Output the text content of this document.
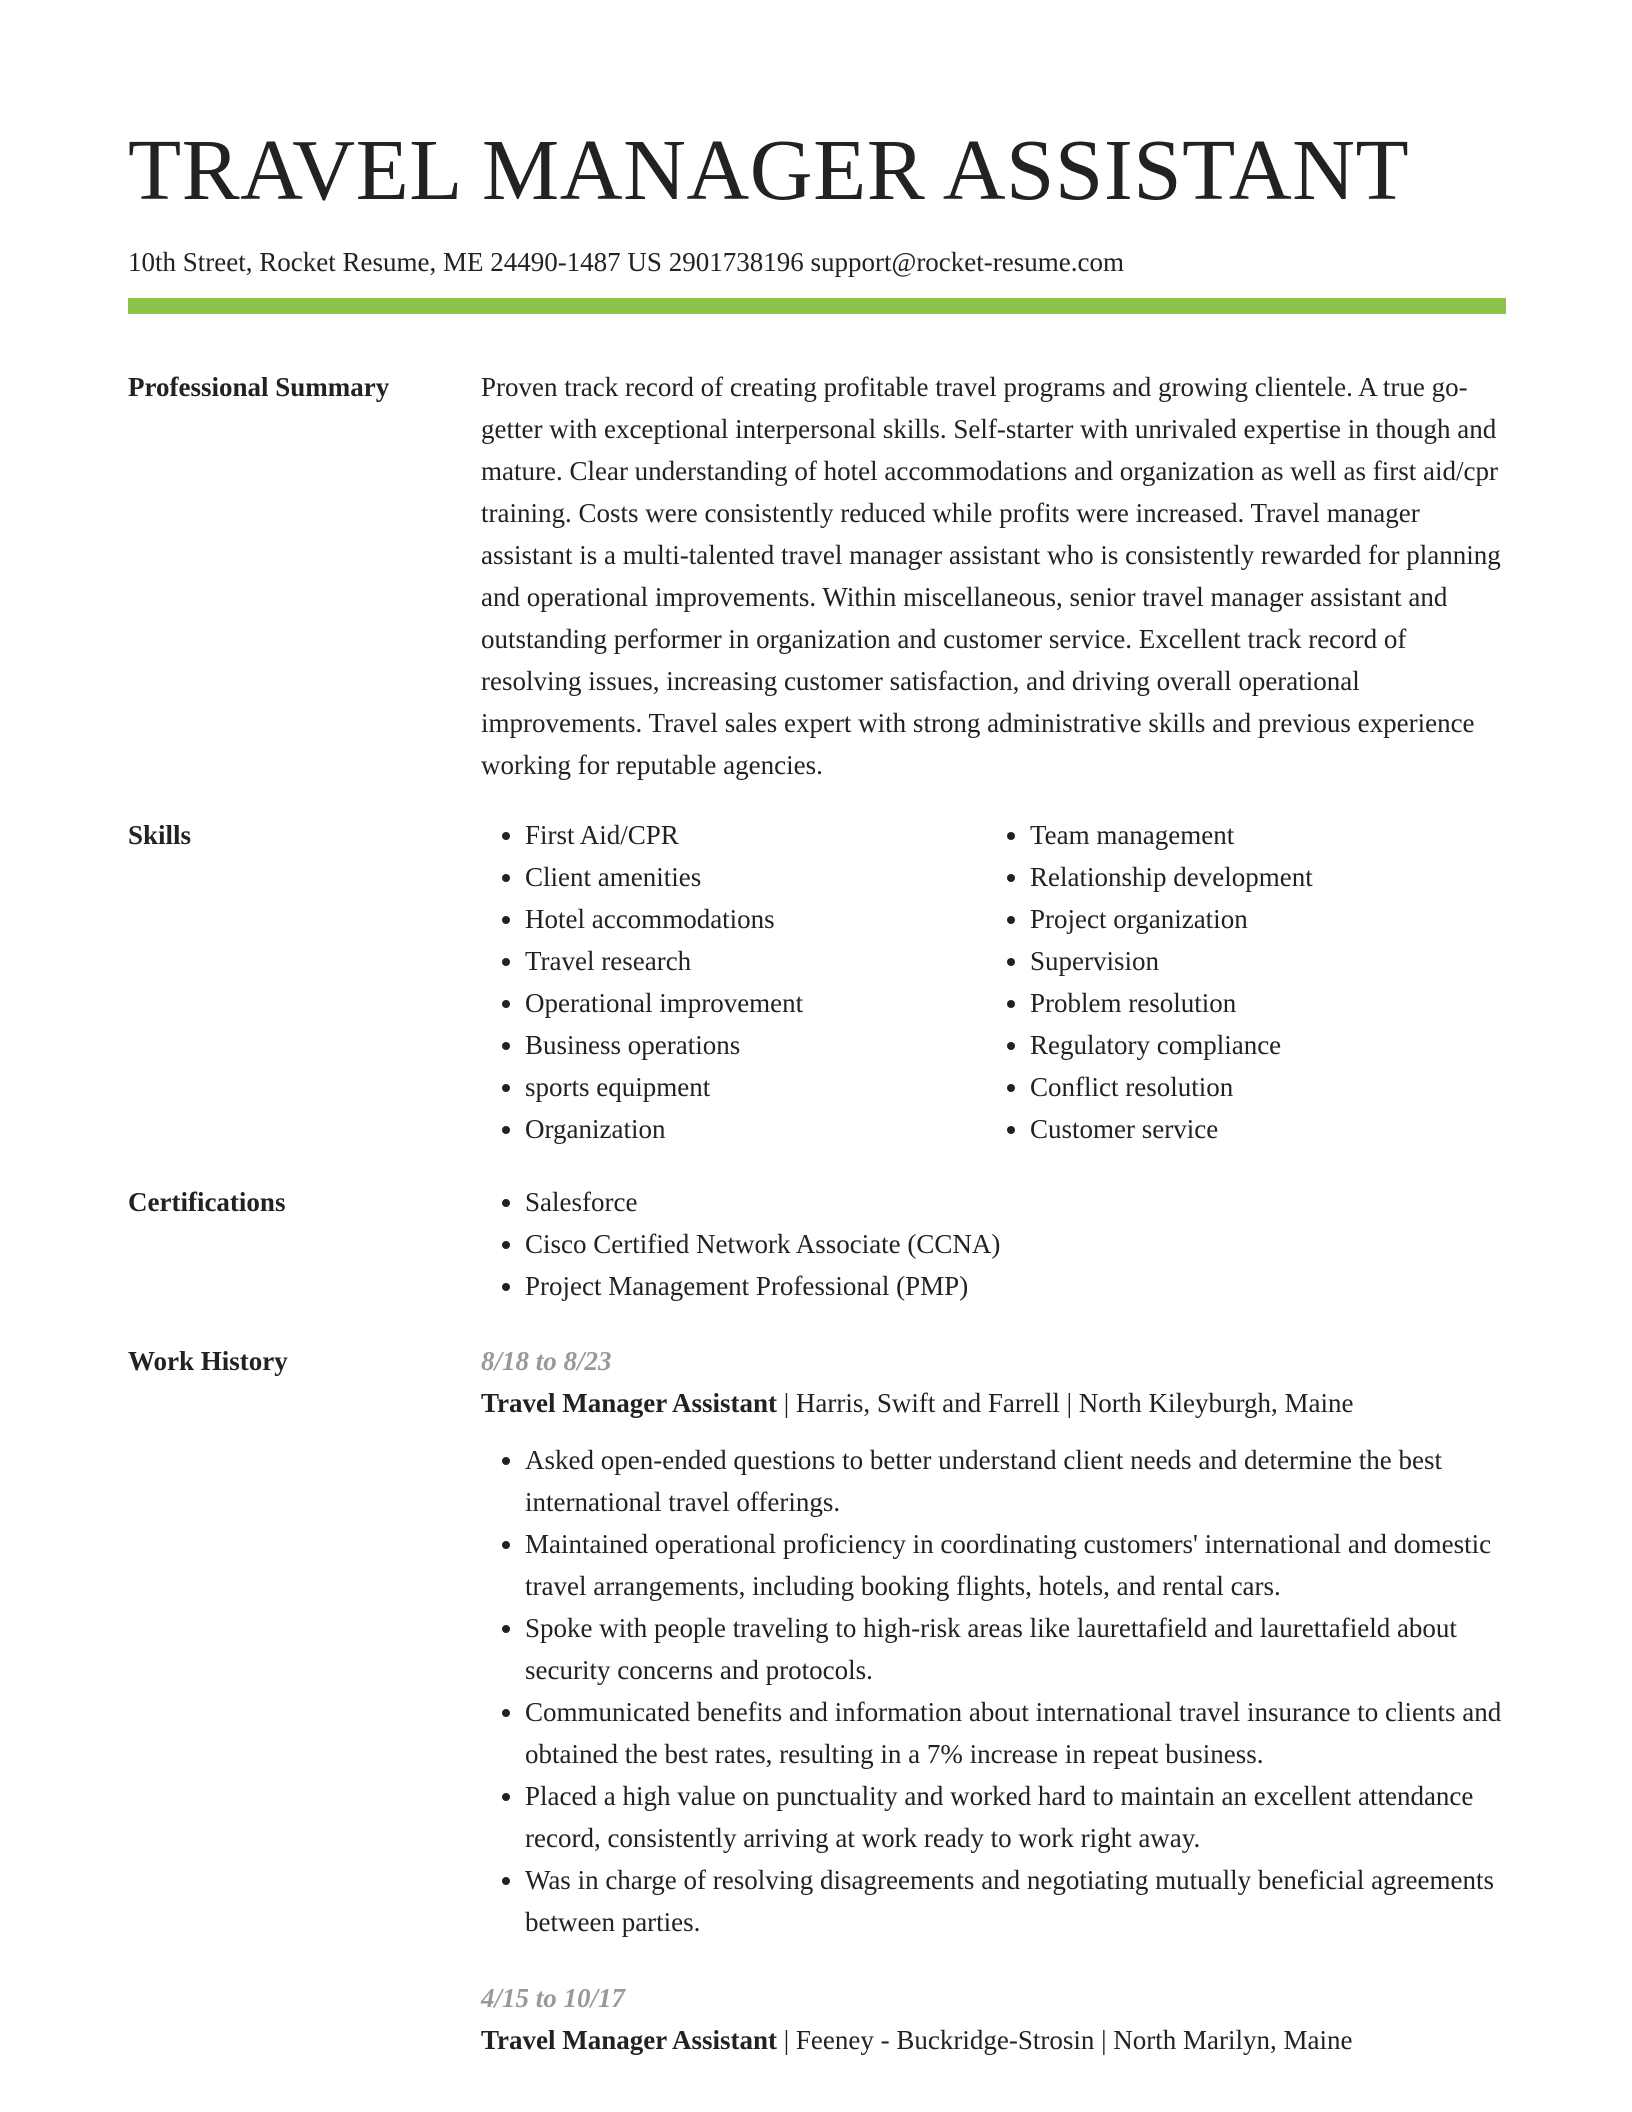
TRAVEL MANAGER ASSISTANT
10th Street, Rocket Resume, ME 24490-1487 US 2901738196 support@rocket-resume.com
Professional Summary	Proven track record of creating profitable travel programs and growing clientele. A true go-getter with exceptional interpersonal skills. Self-starter with unrivaled expertise in though and mature. Clear understanding of hotel accommodations and organization as well as first aid/cpr training. Costs were consistently reduced while profits were increased. Travel manager assistant is a multi-talented travel manager assistant who is consistently rewarded for planning and operational improvements. Within miscellaneous, senior travel manager assistant and outstanding performer in organization and customer service. Excellent track record of resolving issues, increasing customer satisfaction, and driving overall operational improvements. Travel sales expert with strong administrative skills and previous experience working for reputable agencies.

Skills	• First Aid/CPR
• Client amenities
• Hotel accommodations
• Travel research
• Operational improvement
• Business operations
• sports equipment
• Organization
• Team management
• Relationship development
• Project organization
• Supervision
• Problem resolution
• Regulatory compliance
• Conflict resolution
• Customer service
Certifications	• Salesforce
• Cisco Certified Network Associate (CCNA)
• Project Management Professional (PMP)
Work History	8/18 to 8/23
Travel Manager Assistant | Harris, Swift and Farrell | North Kileyburgh, Maine
• Asked open-ended questions to better understand client needs and determine the best international travel offerings.
• Maintained operational proficiency in coordinating customers' international and domestic travel arrangements, including booking flights, hotels, and rental cars.
• Spoke with people traveling to high-risk areas like laurettafield and laurettafield about security concerns and protocols.
• Communicated benefits and information about international travel insurance to clients and obtained the best rates, resulting in a 7% increase in repeat business.
• Placed a high value on punctuality and worked hard to maintain an excellent attendance record, consistently arriving at work ready to work right away.
• Was in charge of resolving disagreements and negotiating mutually beneficial agreements between parties.
4/15 to 10/17
Travel Manager Assistant | Feeney - Buckridge-Strosin | North Marilyn, Maine
